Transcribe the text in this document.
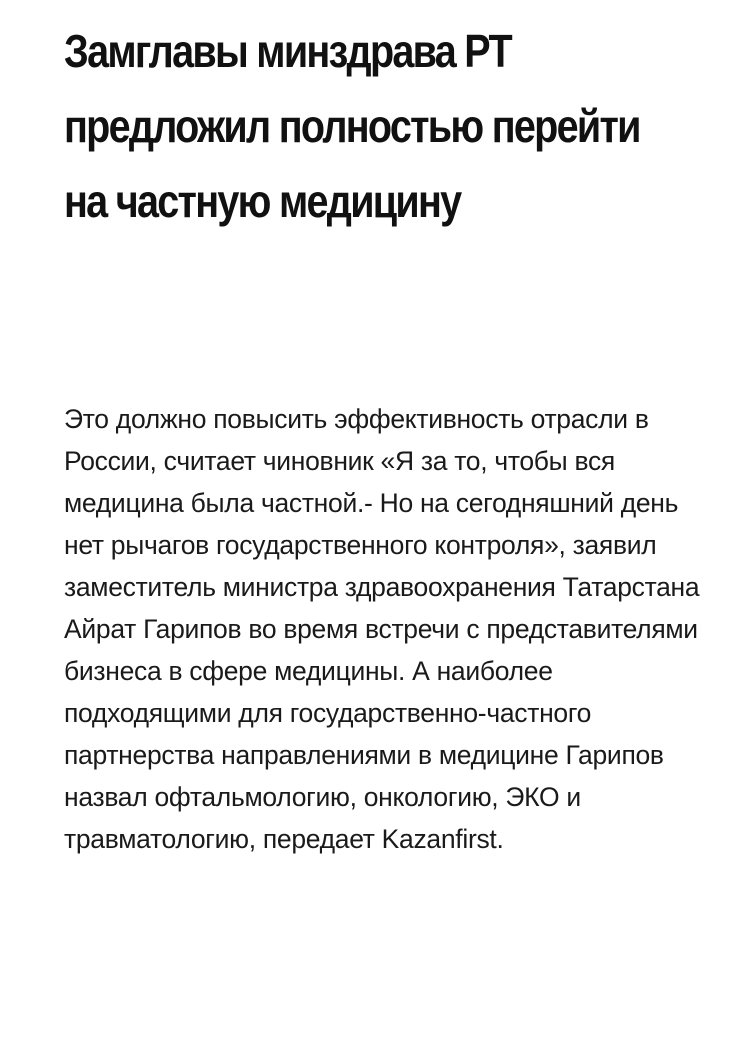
Замглавы минздрава РТ предложил полностью перейти на частную медицину

Это должно повысить эффективность отрасли в России, считает чиновник «Я за то, чтобы вся медицина была частной.- Но на сегодняшний день нет рычагов государственного контроля», заявил заместитель министра здравоохранения Татарстана Айрат Гарипов во время встречи с представителями бизнеса в сфере медицины. А наиболее подходящими для государственно-частного партнерства направлениями в медицине Гарипов назвал офтальмологию, онкологию, ЭКО и травматологию, передает Kazanfirst.
